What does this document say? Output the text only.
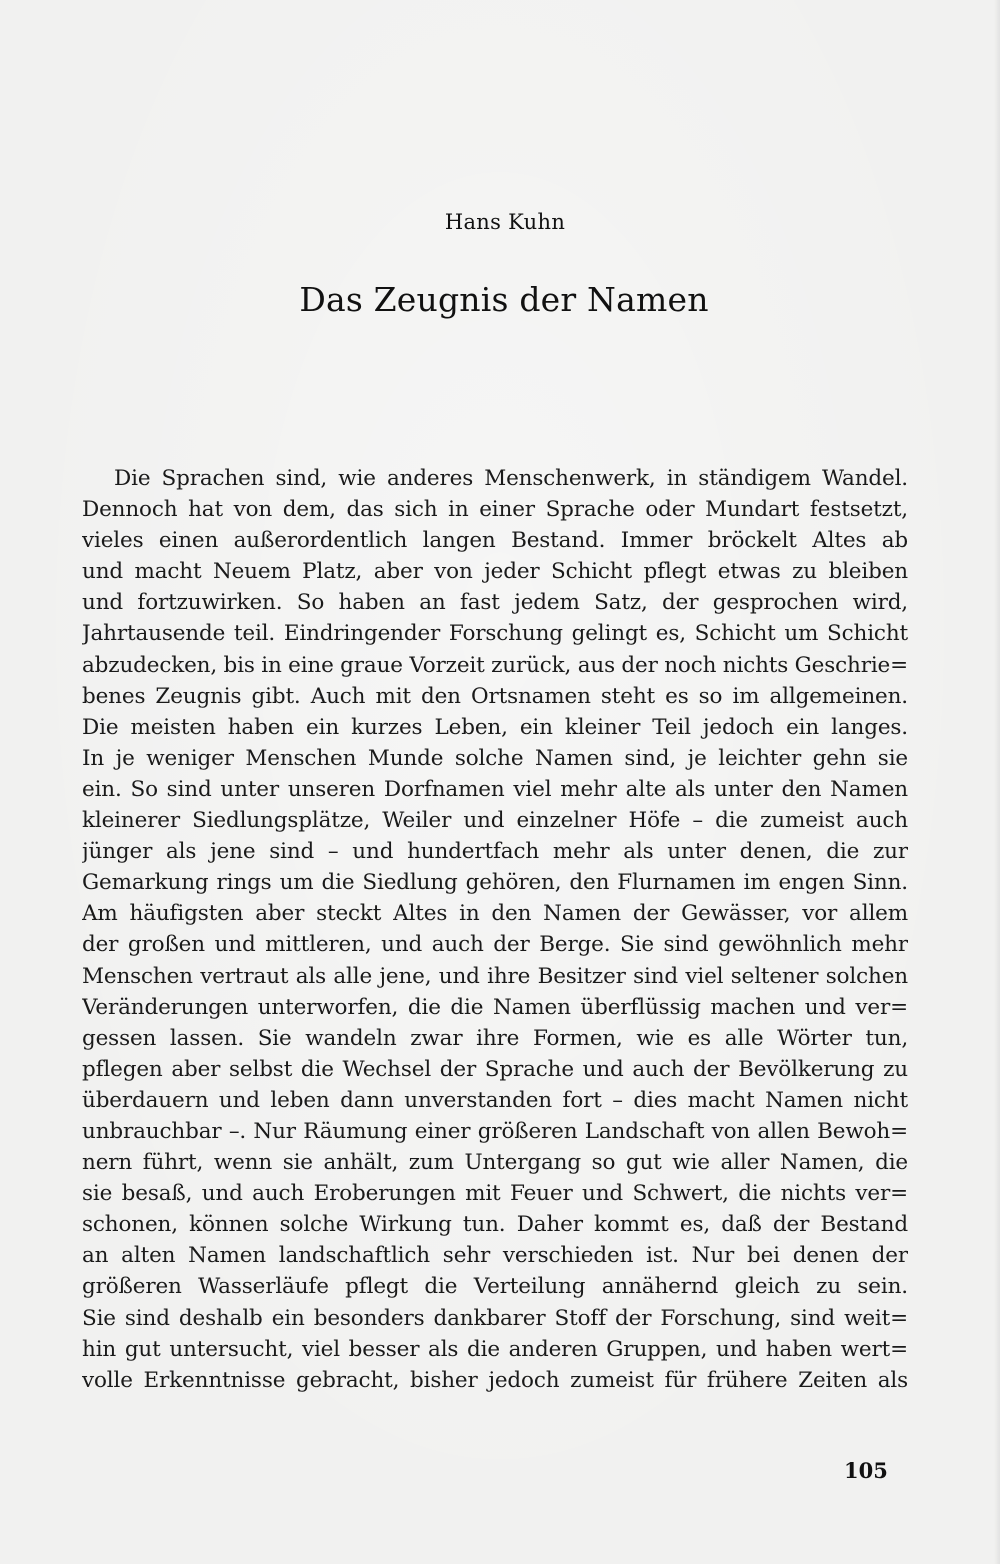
Hans Kuhn
Das Zeugnis der Namen
Die Sprachen sind, wie anderes Menschenwerk, in ständigem Wandel.
Dennoch hat von dem, das sich in einer Sprache oder Mundart festsetzt,
vieles einen außerordentlich langen Bestand. Immer bröckelt Altes ab
und macht Neuem Platz, aber von jeder Schicht pflegt etwas zu bleiben
und fortzuwirken. So haben an fast jedem Satz, der gesprochen wird,
Jahrtausende teil. Eindringender Forschung gelingt es, Schicht um Schicht
abzudecken, bis in eine graue Vorzeit zurück, aus der noch nichts Geschrie=
benes Zeugnis gibt. Auch mit den Ortsnamen steht es so im allgemeinen.
Die meisten haben ein kurzes Leben, ein kleiner Teil jedoch ein langes.
In je weniger Menschen Munde solche Namen sind, je leichter gehn sie
ein. So sind unter unseren Dorfnamen viel mehr alte als unter den Namen
kleinerer Siedlungsplätze, Weiler und einzelner Höfe – die zumeist auch
jünger als jene sind – und hundertfach mehr als unter denen, die zur
Gemarkung rings um die Siedlung gehören, den Flurnamen im engen Sinn.
Am häufigsten aber steckt Altes in den Namen der Gewässer, vor allem
der großen und mittleren, und auch der Berge. Sie sind gewöhnlich mehr
Menschen vertraut als alle jene, und ihre Besitzer sind viel seltener solchen
Veränderungen unterworfen, die die Namen überflüssig machen und ver=
gessen lassen. Sie wandeln zwar ihre Formen, wie es alle Wörter tun,
pflegen aber selbst die Wechsel der Sprache und auch der Bevölkerung zu
überdauern und leben dann unverstanden fort – dies macht Namen nicht
unbrauchbar –. Nur Räumung einer größeren Landschaft von allen Bewoh=
nern führt, wenn sie anhält, zum Untergang so gut wie aller Namen, die
sie besaß, und auch Eroberungen mit Feuer und Schwert, die nichts ver=
schonen, können solche Wirkung tun. Daher kommt es, daß der Bestand
an alten Namen landschaftlich sehr verschieden ist. Nur bei denen der
größeren Wasserläufe pflegt die Verteilung annähernd gleich zu sein.
Sie sind deshalb ein besonders dankbarer Stoff der Forschung, sind weit=
hin gut untersucht, viel besser als die anderen Gruppen, und haben wert=
volle Erkenntnisse gebracht, bisher jedoch zumeist für frühere Zeiten als
105
